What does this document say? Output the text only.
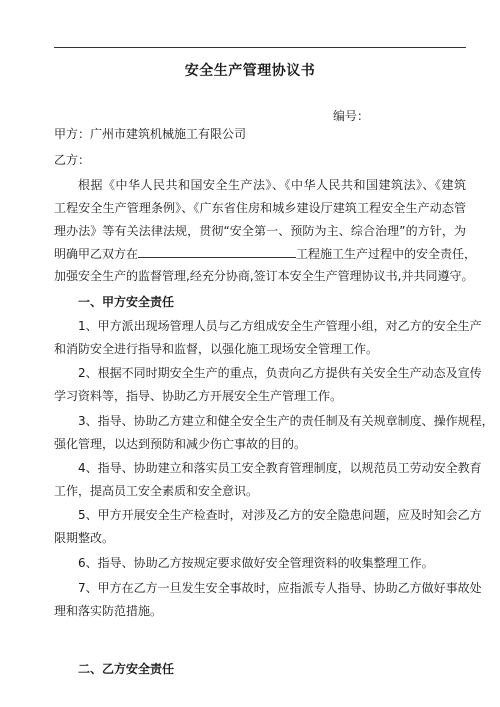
安全生产管理协议书
编号：
甲方：广州市建筑机械施工有限公司
乙方：
根据《中华人民共和国安全生产法》、《中华人民共和国建筑法》、《建筑
工程安全生产管理条例》、《广东省住房和城乡建设厅建筑工程安全生产动态管
理办法》等有关法律法规，贯彻“安全第一、预防为主、综合治理”的方针，为
明确甲乙双方在	工程施工生产过程中的安全责任，
加强安全生产的监督管理,经充分协商,签订本安全生产管理协议书,并共同遵守。
一、甲方安全责任
1、甲方派出现场管理人员与乙方组成安全生产管理小组，对乙方的安全生产
和消防安全进行指导和监督，以强化施工现场安全管理工作。
2、根据不同时期安全生产的重点，负责向乙方提供有关安全生产动态及宣传
学习资料等，指导、协助乙方开展安全生产管理工作。
3、指导、协助乙方建立和健全安全生产的责任制及有关规章制度、操作规程，
强化管理，以达到预防和减少伤亡事故的目的。
4、指导、协助建立和落实员工安全教育管理制度，以规范员工劳动安全教育
工作，提高员工安全素质和安全意识。
5、甲方开展安全生产检查时，对涉及乙方的安全隐患问题，应及时知会乙方
限期整改。
6、指导、协助乙方按规定要求做好安全管理资料的收集整理工作。
7、甲方在乙方一旦发生安全事故时，应指派专人指导、协助乙方做好事故处
理和落实防范措施。
二、乙方安全责任
